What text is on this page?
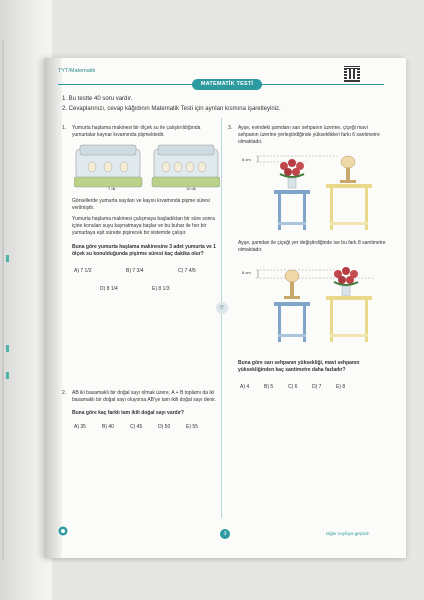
TYT/Matematik
MATEMATİK TESTİ
1. Bu testte 40 soru vardır.
2. Cevaplarınızı, cevap kâğıdının Matematik Testi için ayrılan kısmına işaretleyiniz.
1. Yumurta haşlama makinesi bir ölçek su ile çalıştırıldığında yumurtalar kaynar kıvamında pişmektedir.
7 dk	10 dk
Görsellerde yumurta sayıları ve kayısı kıvamında pişme süresi verilmiştir.
Yumurta haşlama makinesi çalışmaya başladıktan bir süre sonra içine konulan suyu kaynatmaya başlar ve bu buhar ile her bir yumurtaya eşit sürede pişirecek bir sistemde çalışır.
Buna göre yumurta haşlama makinesine 3 adet yumurta ve 1 ölçek su konulduğunda pişirme süresi kaç dakika olur?
A) 7 1/2	B) 7 3/4	C) 7 4/5
D) 8 1/4	E) 8 1/3
2. AB iki basamaklı bir doğal sayı olmak üzere, A + B toplamı da iki basamaklı bir doğal sayı oluyorsa AB'ye tam ikili doğal sayı denir.
Buna göre kaç farklı tam ikili doğal sayı vardır?
A) 35	B) 40	C) 45	D) 50	E) 55
3. Ayşe, evindeki şamdanı sarı sehpanın üzerine, çiçeği mavi sehpanın üzerine yerleştirdiğinde yükseklikleri farkı 6 santimetre olmaktadır.
6 cm
Ayşe, şamdan ile çiçeği yer değiştirdiğinde ise bu fark 8 santimetre olmaktadır.
8 cm
Buna göre sarı sehpanın yüksekliği, mavi sehpanın yüksekliğinden kaç santimetre daha fazladır?
A) 4	B) 5	C) 6	D) 7	E) 8
e
3	Diğer sayfaya geçiniz.
